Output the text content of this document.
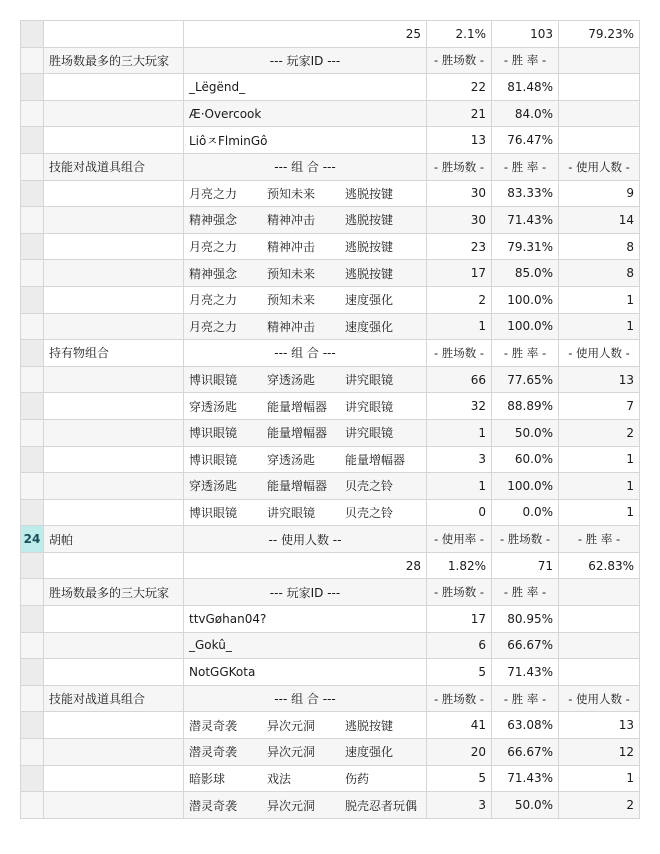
		25	2.1%	103	79.23%
	胜场数最多的三大玩家	--- 玩家ID ---	- 胜场数 -	- 胜 率 -	
		_Lëgënd_	22	81.48%	
		Æ·Overcook	21	84.0%	
		LiôㅈFlminGô	13	76.47%	
	技能对战道具组合	--- 组 合 ---	- 胜场数 -	- 胜 率 -	- 使用人数 -
		月亮之力 预知未来 逃脱按键	30	83.33%	9
		精神强念 精神冲击 逃脱按键	30	71.43%	14
		月亮之力 精神冲击 逃脱按键	23	79.31%	8
		精神强念 预知未来 逃脱按键	17	85.0%	8
		月亮之力 预知未来 速度强化	2	100.0%	1
		月亮之力 精神冲击 速度强化	1	100.0%	1
	持有物组合	--- 组 合 ---	- 胜场数 -	- 胜 率 -	- 使用人数 -
		博识眼镜 穿透汤匙 讲究眼镜	66	77.65%	13
		穿透汤匙 能量增幅器 讲究眼镜	32	88.89%	7
		博识眼镜 能量增幅器 讲究眼镜	1	50.0%	2
		博识眼镜 穿透汤匙 能量增幅器	3	60.0%	1
		穿透汤匙 能量增幅器 贝壳之铃	1	100.0%	1
		博识眼镜 讲究眼镜 贝壳之铃	0	0.0%	1
24	胡帕	-- 使用人数 --	- 使用率 -	- 胜场数 -	- 胜 率 -
		28	1.82%	71	62.83%
	胜场数最多的三大玩家	--- 玩家ID ---	- 胜场数 -	- 胜 率 -	
		ttvGøhan04?	17	80.95%	
		_Gokû_	6	66.67%	
		NotGGKota	5	71.43%	
	技能对战道具组合	--- 组 合 ---	- 胜场数 -	- 胜 率 -	- 使用人数 -
		潜灵奇袭 异次元洞 逃脱按键	41	63.08%	13
		潜灵奇袭 异次元洞 速度强化	20	66.67%	12
		暗影球 戏法 伤药	5	71.43%	1
		潜灵奇袭 异次元洞 脱壳忍者玩偶	3	50.0%	2
